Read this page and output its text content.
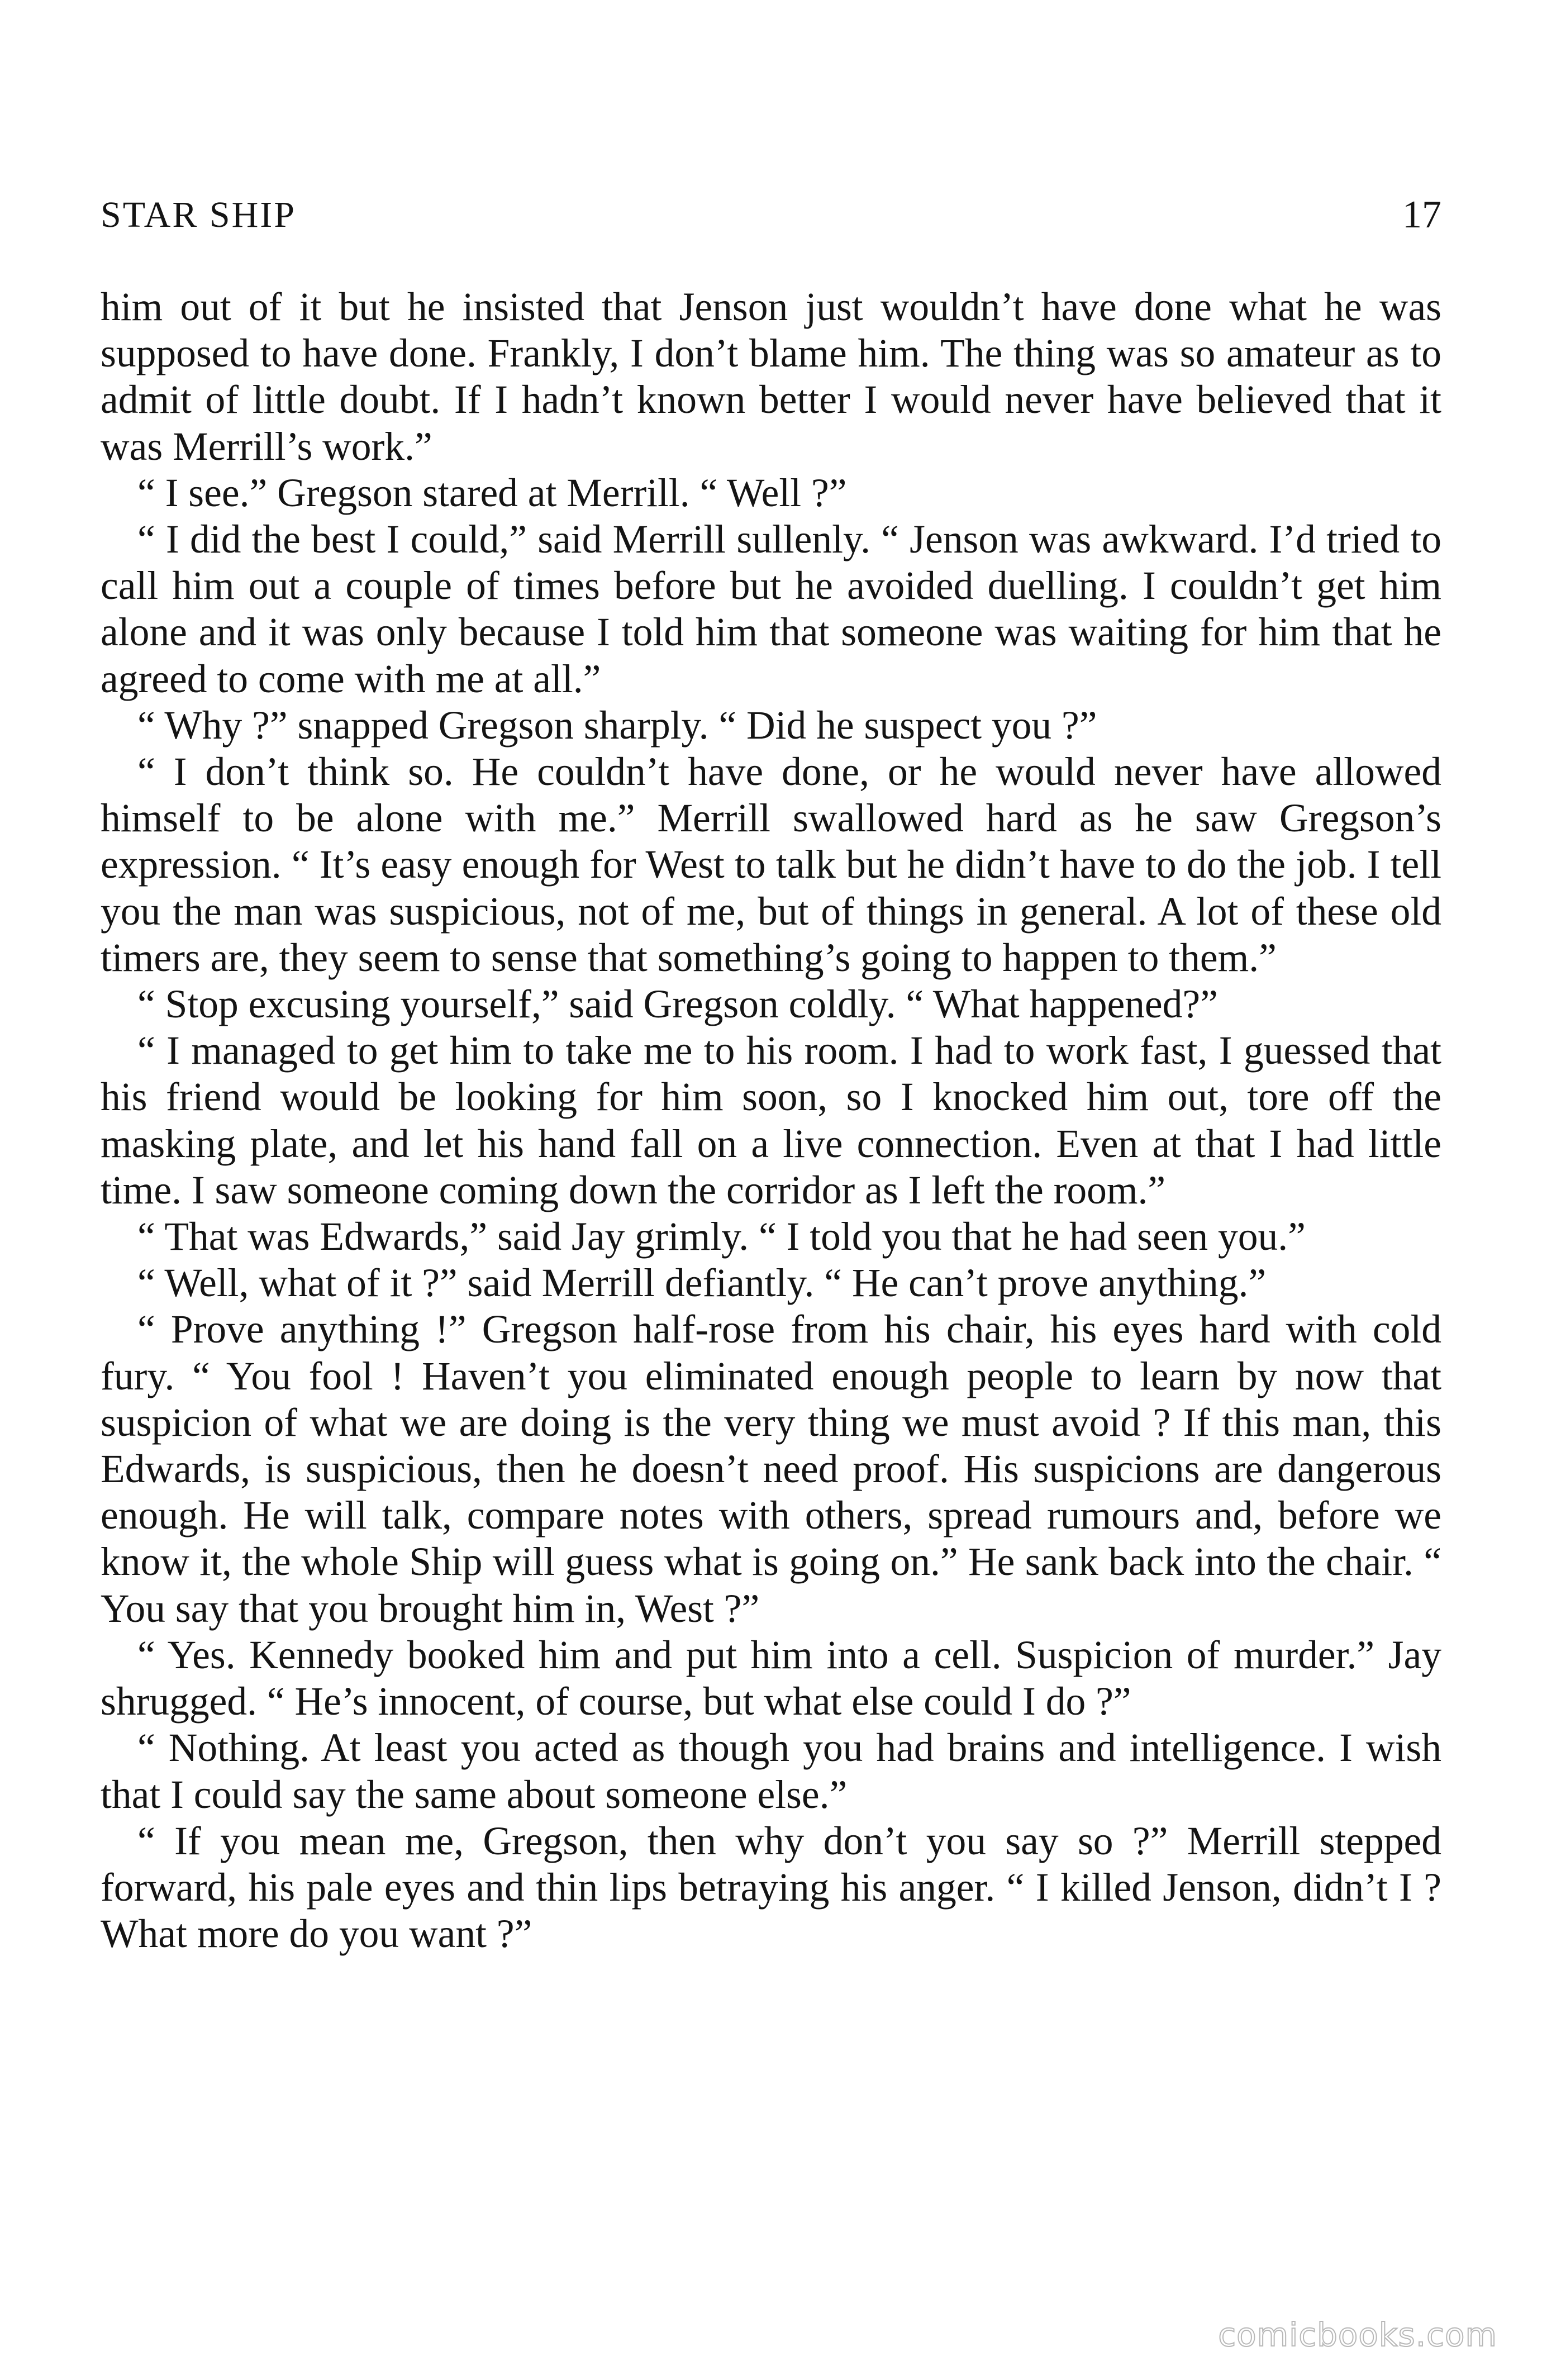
STAR SHIP	17

him out of it but he insisted that Jenson just wouldn’t have done what he was supposed to have done. Frankly, I don’t blame him. The thing was so amateur as to admit of little doubt. If I hadn’t known better I would never have believed that it was Merrill’s work.”

“ I see.” Gregson stared at Merrill. “ Well ?”

“ I did the best I could,” said Merrill sullenly. “ Jenson was awkward. I’d tried to call him out a couple of times before but he avoided duelling. I couldn’t get him alone and it was only because I told him that someone was waiting for him that he agreed to come with me at all.”

“ Why ?” snapped Gregson sharply. “ Did he suspect you ?”

“ I don’t think so. He couldn’t have done, or he would never have allowed himself to be alone with me.” Merrill swallowed hard as he saw Gregson’s expression. “ It’s easy enough for West to talk but he didn’t have to do the job. I tell you the man was suspicious, not of me, but of things in general. A lot of these old timers are, they seem to sense that something’s going to happen to them.”

“ Stop excusing yourself,” said Gregson coldly. “ What happened?”

“ I managed to get him to take me to his room. I had to work fast, I guessed that his friend would be looking for him soon, so I knocked him out, tore off the masking plate, and let his hand fall on a live connection. Even at that I had little time. I saw someone coming down the corridor as I left the room.”

“ That was Edwards,” said Jay grimly. “ I told you that he had seen you.”

“ Well, what of it ?” said Merrill defiantly. “ He can’t prove anything.”

“ Prove anything !” Gregson half-rose from his chair, his eyes hard with cold fury. “ You fool ! Haven’t you eliminated enough people to learn by now that suspicion of what we are doing is the very thing we must avoid ? If this man, this Edwards, is suspicious, then he doesn’t need proof. His suspicions are dangerous enough. He will talk, compare notes with others, spread rumours and, before we know it, the whole Ship will guess what is going on.” He sank back into the chair. “ You say that you brought him in, West ?”

“ Yes. Kennedy booked him and put him into a cell. Suspicion of murder.” Jay shrugged. “ He’s innocent, of course, but what else could I do ?”

“ Nothing. At least you acted as though you had brains and intelligence. I wish that I could say the same about someone else.”

“ If you mean me, Gregson, then why don’t you say so ?” Merrill stepped forward, his pale eyes and thin lips betraying his anger. “ I killed Jenson, didn’t I ? What more do you want ?”

comicbooks.com
